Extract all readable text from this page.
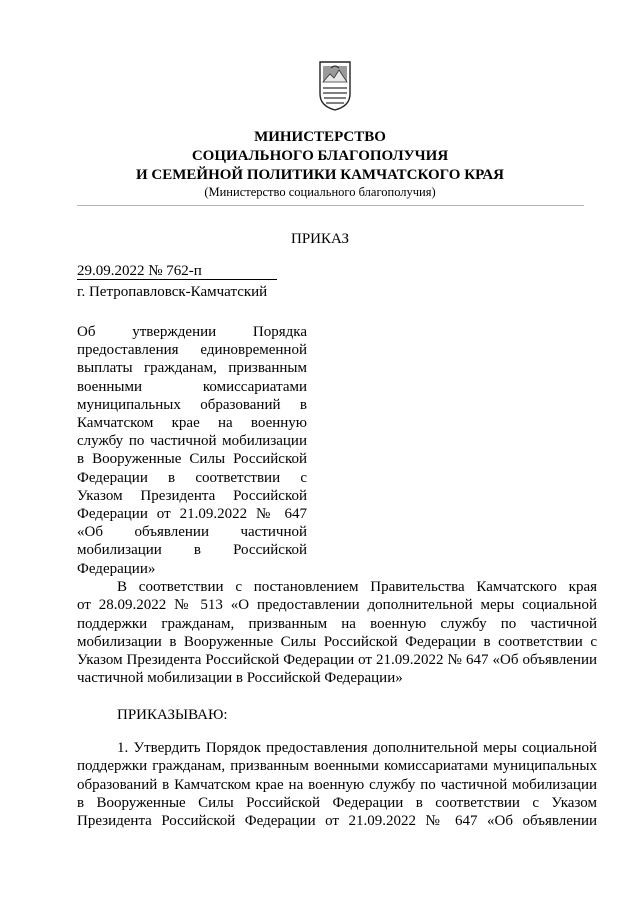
МИНИСТЕРСТВО
СОЦИАЛЬНОГО БЛАГОПОЛУЧИЯ
И СЕМЕЙНОЙ ПОЛИТИКИ КАМЧАТСКОГО КРАЯ
(Министерство социального благополучия)
ПРИКАЗ
29.09.2022 № 762-п
г. Петропавловск-Камчатский
Об утверждении Порядка
предоставления единовременной
выплаты гражданам, призванным
военными комиссариатами
муниципальных образований в
Камчатском крае на военную
службу по частичной мобилизации
в Вооруженные Силы Российской
Федерации в соответствии с
Указом Президента Российской
Федерации от 21.09.2022 № 647
«Об объявлении частичной
мобилизации в Российской
Федерации»
В соответствии с постановлением Правительства Камчатского края
от 28.09.2022 № 513 «О предоставлении дополнительной меры социальной
поддержки гражданам, призванным на военную службу по частичной
мобилизации в Вооруженные Силы Российской Федерации в соответствии с
Указом Президента Российской Федерации от 21.09.2022 № 647 «Об объявлении
частичной мобилизации в Российской Федерации»
ПРИКАЗЫВАЮ:
1. Утвердить Порядок предоставления дополнительной меры социальной
поддержки гражданам, призванным военными комиссариатами муниципальных
образований в Камчатском крае на военную службу по частичной мобилизации
в Вооруженные Силы Российской Федерации в соответствии с Указом
Президента Российской Федерации от 21.09.2022 № 647 «Об объявлении
